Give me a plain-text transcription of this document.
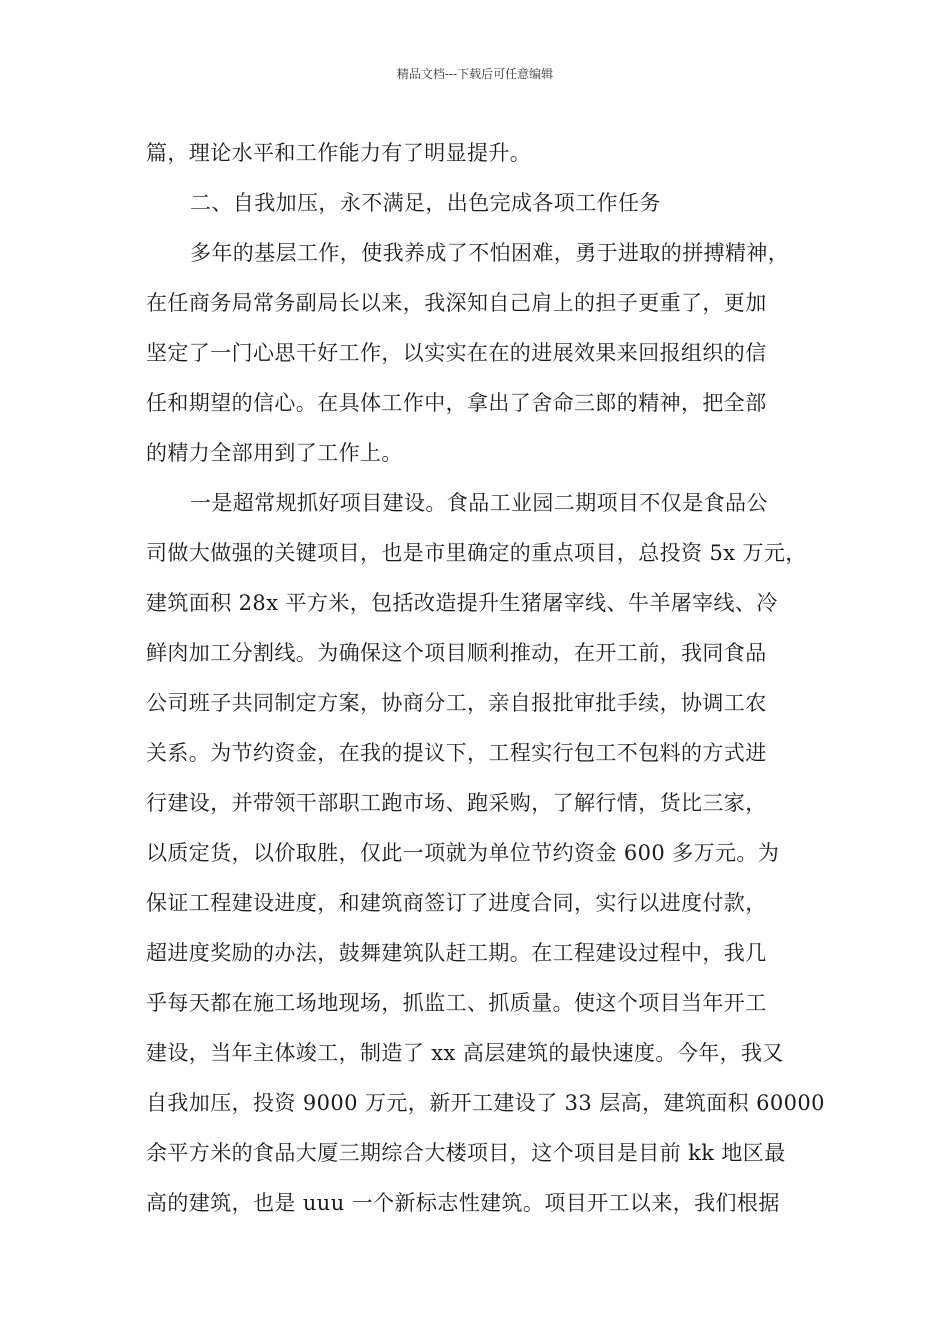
精品文档---下载后可任意编辑
篇，理论水平和工作能力有了明显提升。
二、自我加压，永不满足，出色完成各项工作任务
多年的基层工作，使我养成了不怕困难，勇于进取的拼搏精神，
在任商务局常务副局长以来，我深知自己肩上的担子更重了，更加
坚定了一门心思干好工作，以实实在在的进展效果来回报组织的信
任和期望的信心。在具体工作中，拿出了舍命三郎的精神，把全部
的精力全部用到了工作上。
一是超常规抓好项目建设。食品工业园二期项目不仅是食品公
司做大做强的关键项目，也是市里确定的重点项目，总投资 5x 万元，
建筑面积 28x 平方米，包括改造提升生猪屠宰线、牛羊屠宰线、冷
鲜肉加工分割线。为确保这个项目顺利推动，在开工前，我同食品
公司班子共同制定方案，协商分工，亲自报批审批手续，协调工农
关系。为节约资金，在我的提议下，工程实行包工不包料的方式进
行建设，并带领干部职工跑市场、跑采购，了解行情，货比三家，
以质定货，以价取胜，仅此一项就为单位节约资金 600 多万元。为
保证工程建设进度，和建筑商签订了进度合同，实行以进度付款，
超进度奖励的办法，鼓舞建筑队赶工期。在工程建设过程中，我几
乎每天都在施工场地现场，抓监工、抓质量。使这个项目当年开工
建设，当年主体竣工，制造了 xx 高层建筑的最快速度。今年，我又
自我加压，投资 9000 万元，新开工建设了 33 层高，建筑面积 60000
余平方米的食品大厦三期综合大楼项目，这个项目是目前 kk 地区最
高的建筑，也是 uuu 一个新标志性建筑。项目开工以来，我们根据
